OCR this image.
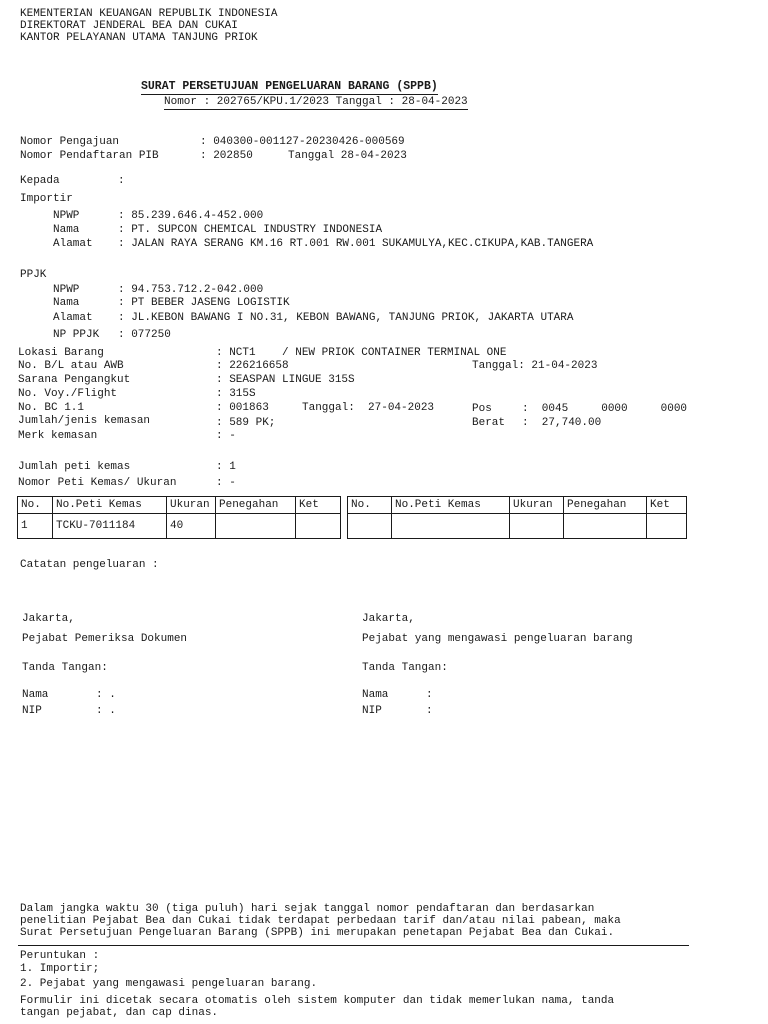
KEMENTERIAN KEUANGAN REPUBLIK INDONESIA
DIREKTORAT JENDERAL BEA DAN CUKAI
KANTOR PELAYANAN UTAMA TANJUNG PRIOK
SURAT PERSETUJUAN PENGELUARAN BARANG (SPPB)
Nomor : 202765/KPU.1/2023 Tanggal : 28-04-2023
Nomor Pengajuan	: 040300-001127-20230426-000569
Nomor Pendaftaran PIB	: 202850	Tanggal 28-04-2023
Kepada	:
Importir
NPWP	: 85.239.646.4-452.000
Nama	: PT. SUPCON CHEMICAL INDUSTRY INDONESIA
Alamat : JALAN RAYA SERANG KM.16 RT.001 RW.001 SUKAMULYA,KEC.CIKUPA,KAB.TANGERA
PPJK
NPWP	: 94.753.712.2-042.000
Nama	: PT BEBER JASENG LOGISTIK
Alamat : JL.KEBON BAWANG I NO.31, KEBON BAWANG, TANJUNG PRIOK, JAKARTA UTARA
NP PPJK : 077250
Lokasi Barang	: NCT1    / NEW PRIOK CONTAINER TERMINAL ONE
No. B/L atau AWB	: 226216658	Tanggal: 21-04-2023
Sarana Pengangkut	: SEASPAN LINGUE 315S
No. Voy./Flight	: 315S
No. BC 1.1	: 001863	Tanggal:  27-04-2023	Pos	:  0045     0000     0000
Jumlah/jenis kemasan	: 589 PK;	Berat :  27,740.00
Merk kemasan	: -
Jumlah peti kemas	: 1
Nomor Peti Kemas/ Ukuran	: -
No.	No.Peti Kemas	Ukuran	Penegahan	Ket
1	TCKU-7011184	40		
No.	No.Peti Kemas	Ukuran	Penegahan	Ket

Catatan pengeluaran :
Jakarta,
Pejabat Pemeriksa Dokumen
Tanda Tangan:
Nama	: .
NIP	: .
Jakarta,
Pejabat yang mengawasi pengeluaran barang
Tanda Tangan:
Nama	:
NIP	:
Dalam jangka waktu 30 (tiga puluh) hari sejak tanggal nomor pendaftaran dan berdasarkan
penelitian Pejabat Bea dan Cukai tidak terdapat perbedaan tarif dan/atau nilai pabean, maka
Surat Persetujuan Pengeluaran Barang (SPPB) ini merupakan penetapan Pejabat Bea dan Cukai.
Peruntukan :
1. Importir;
2. Pejabat yang mengawasi pengeluaran barang.
Formulir ini dicetak secara otomatis oleh sistem komputer dan tidak memerlukan nama, tanda
tangan pejabat, dan cap dinas.
